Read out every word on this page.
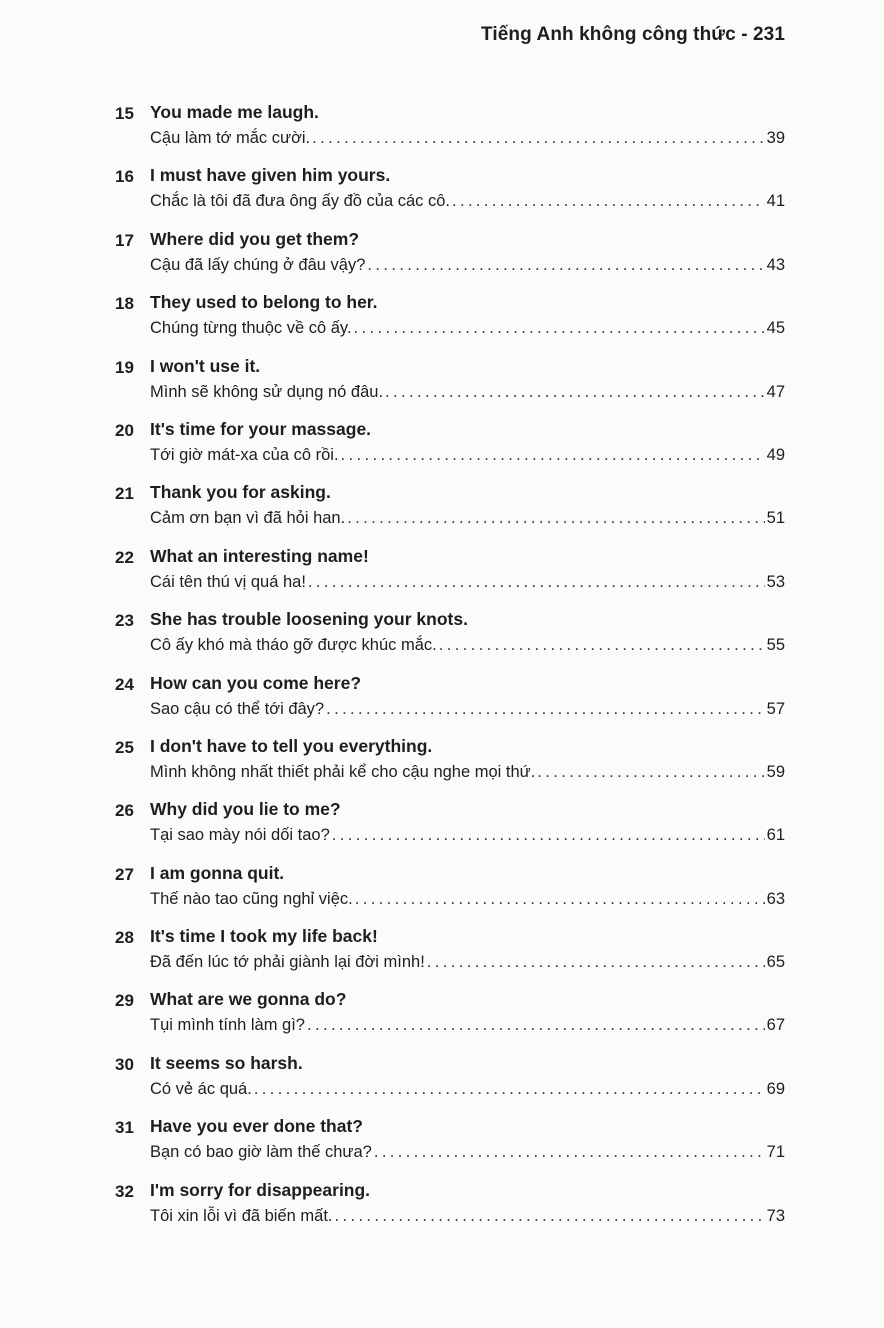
Tiếng Anh không công thức - 231
15 You made me laugh.
Cậu làm tớ mắc cười. .....	39
16 I must have given him yours.
Chắc là tôi đã đưa ông ấy đồ của các cô. .....	41
17 Where did you get them?
Cậu đã lấy chúng ở đâu vậy? .....	43
18 They used to belong to her.
Chúng từng thuộc về cô ấy. .....	45
19 I won't use it.
Mình sẽ không sử dụng nó đâu. .....	47
20 It's time for your massage.
Tới giờ mát-xa của cô rồi. .....	49
21 Thank you for asking.
Cảm ơn bạn vì đã hỏi han. .....	51
22 What an interesting name!
Cái tên thú vị quá ha! .....	53
23 She has trouble loosening your knots.
Cô ấy khó mà tháo gỡ được khúc mắc. .....	55
24 How can you come here?
Sao cậu có thể tới đây? .....	57
25 I don't have to tell you everything.
Mình không nhất thiết phải kể cho cậu nghe mọi thứ. .....	59
26 Why did you lie to me?
Tại sao mày nói dối tao? .....	61
27 I am gonna quit.
Thế nào tao cũng nghỉ việc. .....	63
28 It's time I took my life back!
Đã đến lúc tớ phải giành lại đời mình! .....	65
29 What are we gonna do?
Tụi mình tính làm gì? .....	67
30 It seems so harsh.
Có vẻ ác quá. .....	69
31 Have you ever done that?
Bạn có bao giờ làm thế chưa? .....	71
32 I'm sorry for disappearing.
Tôi xin lỗi vì đã biến mất. .....	73
